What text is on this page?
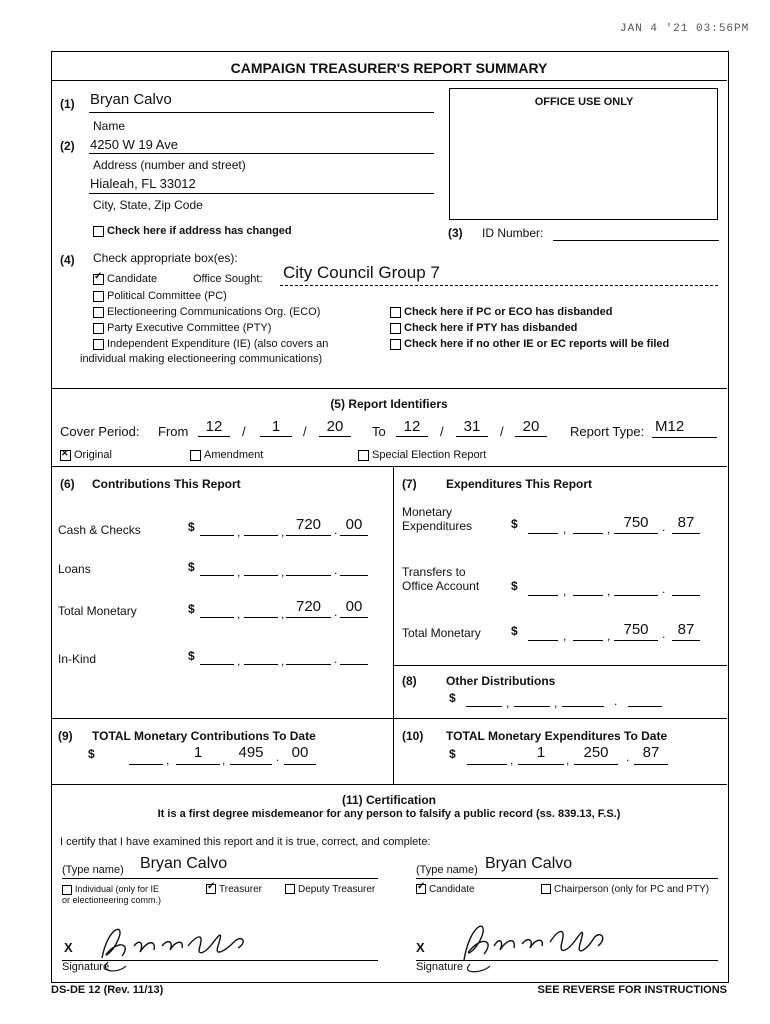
JAN 4 '21 03:56PM
CAMPAIGN TREASURER'S REPORT SUMMARY
(1) Bryan Calvo
Name
(2) 4250 W 19 Ave
Address (number and street)
Hialeah, FL 33012
City, State, Zip Code
Check here if address has changed
OFFICE USE ONLY
(3) ID Number:
(4) Check appropriate box(es):
✓Candidate	Office Sought: City Council Group 7
Political Committee (PC)
Electioneering Communications Org. (ECO)
Party Executive Committee (PTY)
Independent Expenditure (IE) (also covers an
individual making electioneering communications)
Check here if PC or ECO has disbanded
Check here if PTY has disbanded
Check here if no other IE or EC reports will be filed
(5) Report Identifiers
Cover Period: From	12	/	1	/	20	To	12	/	31	/	20	Report Type: M12
✕Original	Amendment	Special Election Report
(6) Contributions This Report
Cash & Checks	$	,	, 720	. 00
Loans	$	,	,	.
Total Monetary	$	,	, 720	. 00
In-Kind	$	,	,	.
(7) Expenditures This Report
Monetary
Expenditures	$	,	, 750	. 87
Transfers to
Office Account	$	,	,	.
Total Monetary	$	,	, 750	. 87
(8) Other Distributions
$	,	,	.
(9) TOTAL Monetary Contributions To Date
$	,	1	, 495	. 00
(10) TOTAL Monetary Expenditures To Date
$	,	1	, 250	. 87
(11) Certification
It is a first degree misdemeanor for any person to falsify a public record (ss. 839.13, F.S.)
I certify that I have examined this report and it is true, correct, and complete:
(Type name) Bryan Calvo	(Type name) Bryan Calvo
Individual (only for IE
or electioneering comm.)
✓Treasurer	Deputy Treasurer
✓	Candidate	Chairperson (only for PC and PTY)
X
Signature
X
Signature
DS-DE 12 (Rev. 11/13)	SEE REVERSE FOR INSTRUCTIONS
